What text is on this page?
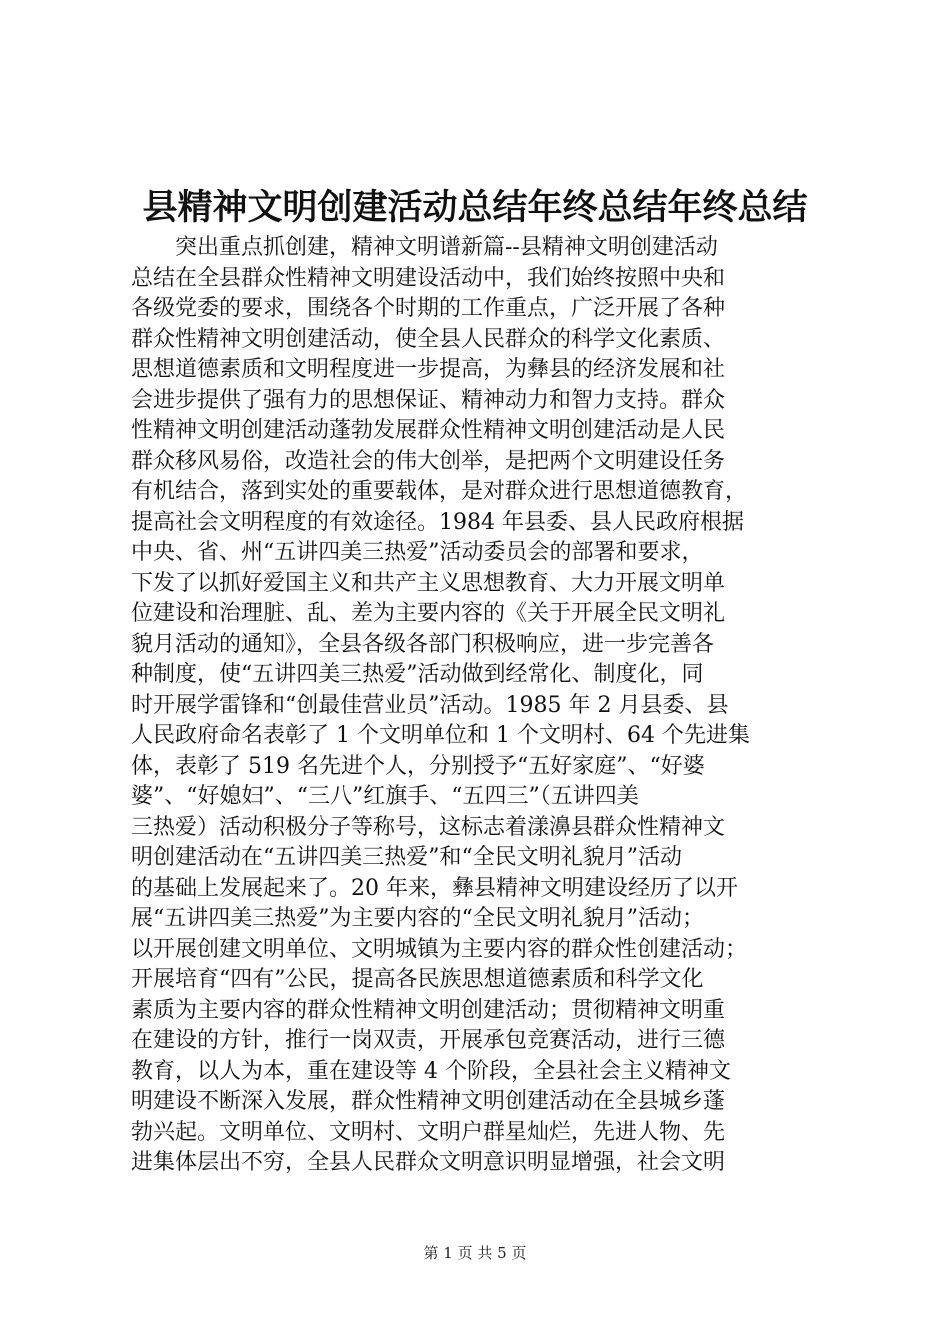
县精神文明创建活动总结年终总结年终总结
　　突出重点抓创建，精神文明谱新篇--县精神文明创建活动
总结在全县群众性精神文明建设活动中，我们始终按照中央和
各级党委的要求，围绕各个时期的工作重点，广泛开展了各种
群众性精神文明创建活动，使全县人民群众的科学文化素质、
思想道德素质和文明程度进一步提高，为彝县的经济发展和社
会进步提供了强有力的思想保证、精神动力和智力支持。群众
性精神文明创建活动蓬勃发展群众性精神文明创建活动是人民
群众移风易俗，改造社会的伟大创举，是把两个文明建设任务
有机结合，落到实处的重要载体，是对群众进行思想道德教育，
提高社会文明程度的有效途径。1984 年县委、县人民政府根据
中央、省、州“五讲四美三热爱”活动委员会的部署和要求，
下发了以抓好爱国主义和共产主义思想教育、大力开展文明单
位建设和治理脏、乱、差为主要内容的《关于开展全民文明礼
貌月活动的通知》，全县各级各部门积极响应，进一步完善各
种制度，使“五讲四美三热爱”活动做到经常化、制度化，同
时开展学雷锋和“创最佳营业员”活动。1985 年 2 月县委、县
人民政府命名表彰了 1 个文明单位和 1 个文明村、64 个先进集
体，表彰了 519 名先进个人，分别授予“五好家庭”、“好婆
婆”、“好媳妇”、“三八”红旗手、“五四三”（五讲四美
三热爱）活动积极分子等称号，这标志着漾濞县群众性精神文
明创建活动在“五讲四美三热爱”和“全民文明礼貌月”活动
的基础上发展起来了。20 年来，彝县精神文明建设经历了以开
展“五讲四美三热爱”为主要内容的“全民文明礼貌月”活动；
以开展创建文明单位、文明城镇为主要内容的群众性创建活动；
开展培育“四有”公民，提高各民族思想道德素质和科学文化
素质为主要内容的群众性精神文明创建活动；贯彻精神文明重
在建设的方针，推行一岗双责，开展承包竞赛活动，进行三德
教育，以人为本，重在建设等 4 个阶段，全县社会主义精神文
明建设不断深入发展，群众性精神文明创建活动在全县城乡蓬
勃兴起。文明单位、文明村、文明户群星灿烂，先进人物、先
进集体层出不穷，全县人民群众文明意识明显增强，社会文明
第 1 页 共 5 页
